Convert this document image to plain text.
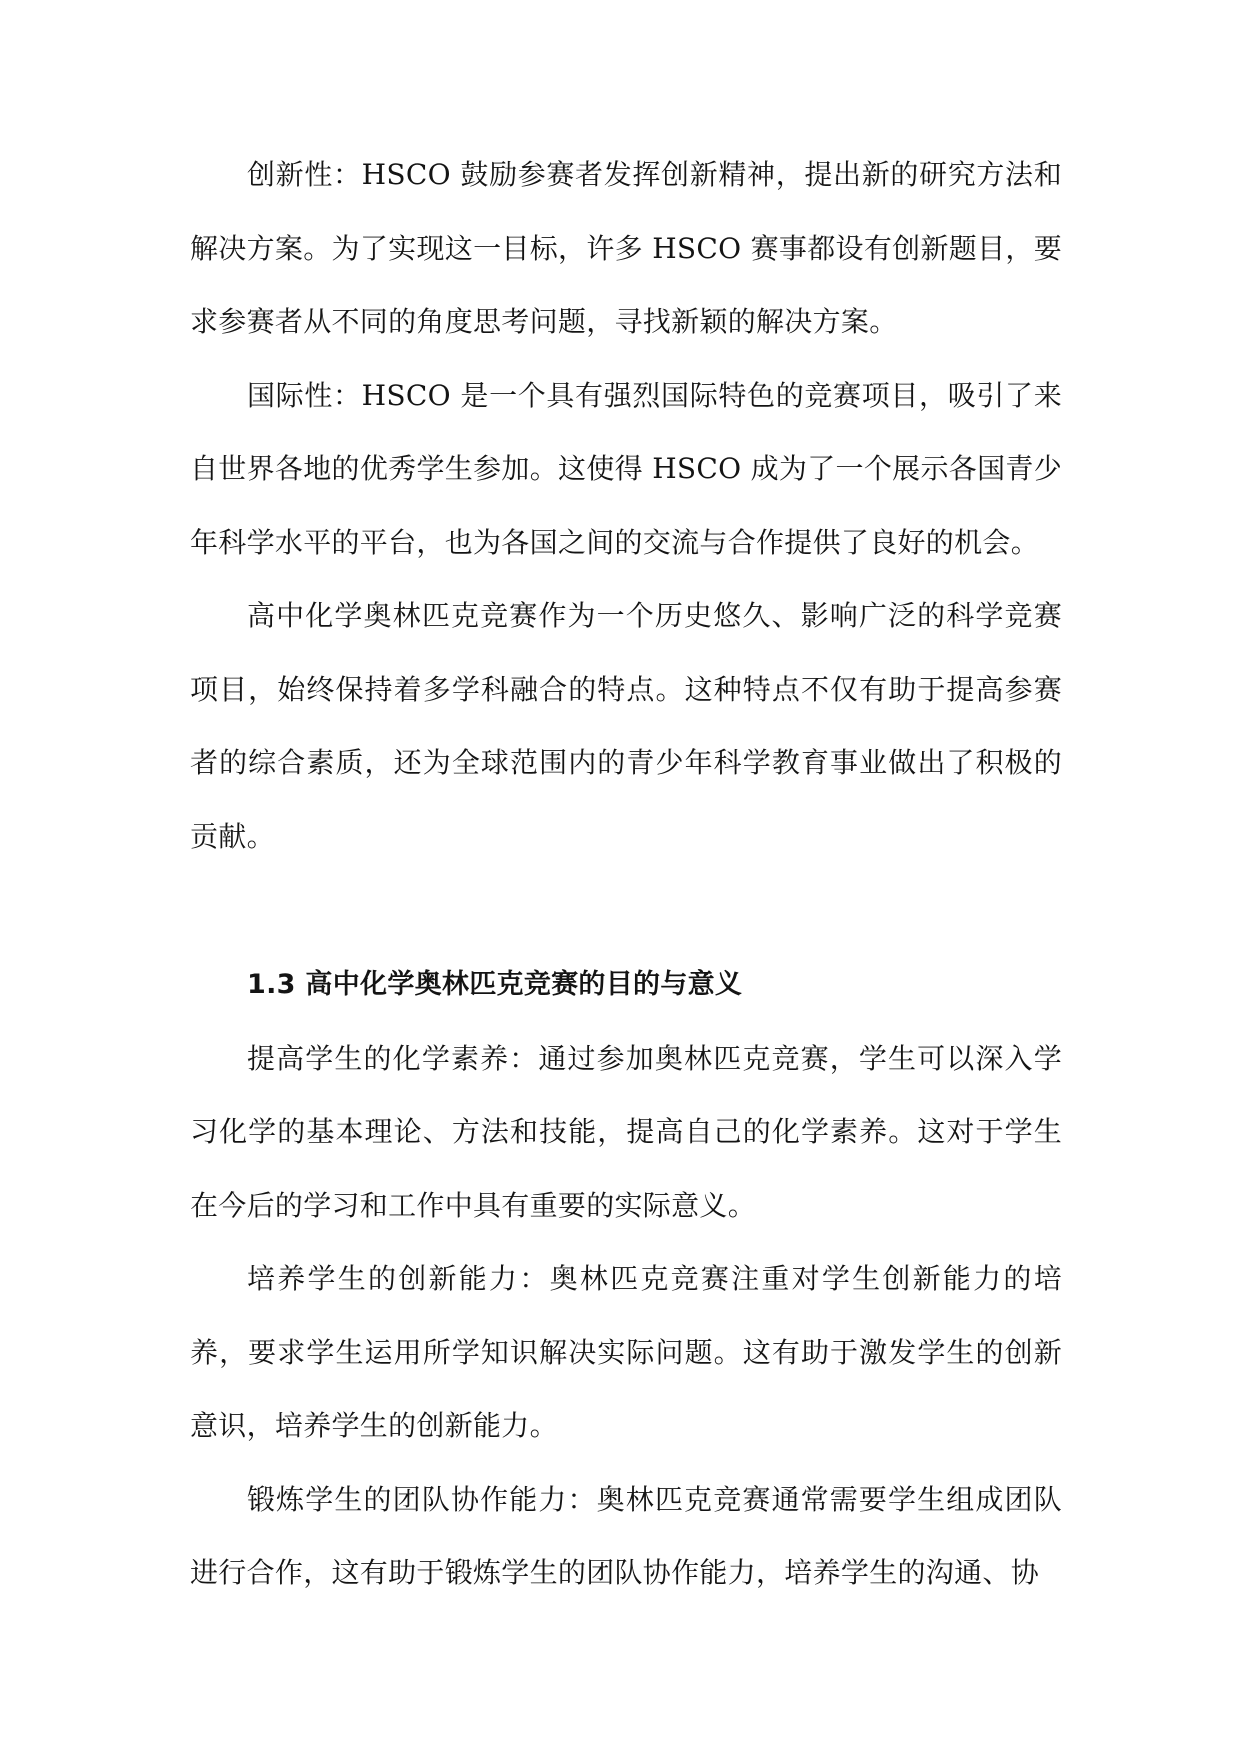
创新性：HSCO 鼓励参赛者发挥创新精神，提出新的研究方法和解决方案。为了实现这一目标，许多 HSCO 赛事都设有创新题目，要求参赛者从不同的角度思考问题，寻找新颖的解决方案。

国际性：HSCO 是一个具有强烈国际特色的竞赛项目，吸引了来自世界各地的优秀学生参加。这使得 HSCO 成为了一个展示各国青少年科学水平的平台，也为各国之间的交流与合作提供了良好的机会。

高中化学奥林匹克竞赛作为一个历史悠久、影响广泛的科学竞赛项目，始终保持着多学科融合的特点。这种特点不仅有助于提高参赛者的综合素质，还为全球范围内的青少年科学教育事业做出了积极的贡献。

1.3 高中化学奥林匹克竞赛的目的与意义

提高学生的化学素养：通过参加奥林匹克竞赛，学生可以深入学习化学的基本理论、方法和技能，提高自己的化学素养。这对于学生在今后的学习和工作中具有重要的实际意义。

培养学生的创新能力：奥林匹克竞赛注重对学生创新能力的培养，要求学生运用所学知识解决实际问题。这有助于激发学生的创新意识，培养学生的创新能力。

锻炼学生的团队协作能力：奥林匹克竞赛通常需要学生组成团队进行合作，这有助于锻炼学生的团队协作能力，培养学生的沟通、协
